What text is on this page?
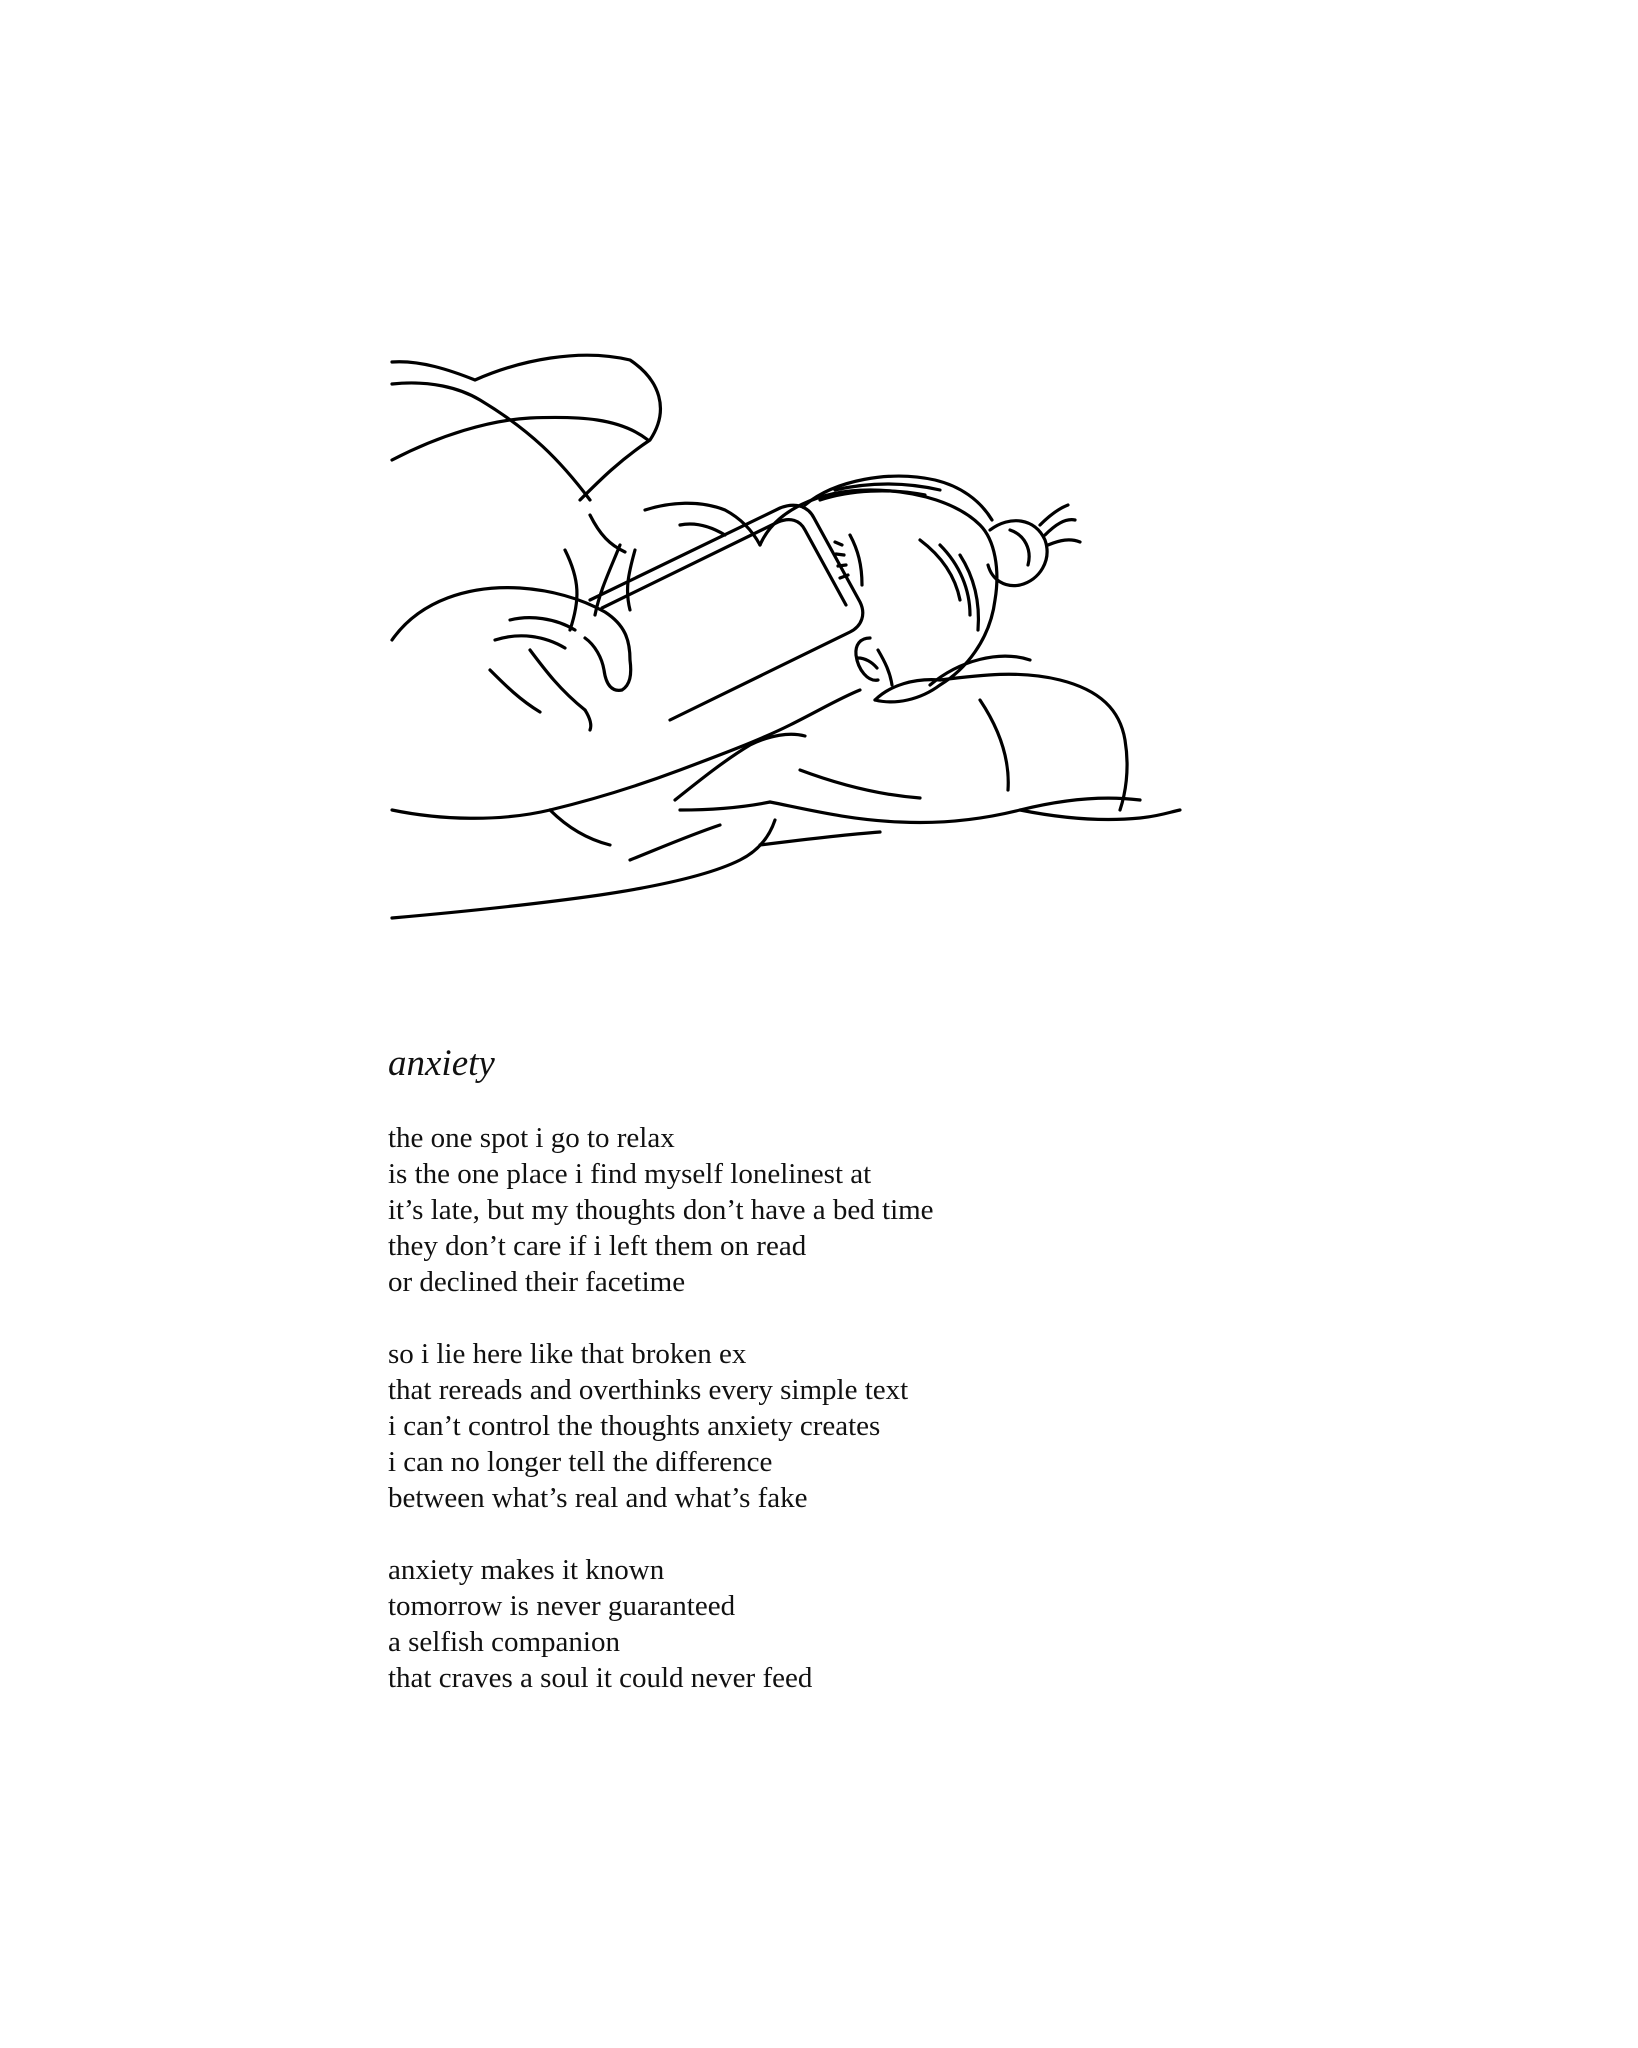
anxiety
the one spot i go to relax
is the one place i find myself lonelinest at
it’s late, but my thoughts don’t have a bed time
they don’t care if i left them on read
or declined their facetime
so i lie here like that broken ex
that rereads and overthinks every simple text
i can’t control the thoughts anxiety creates
i can no longer tell the difference
between what’s real and what’s fake
anxiety makes it known
tomorrow is never guaranteed
a selfish companion
that craves a soul it could never feed
